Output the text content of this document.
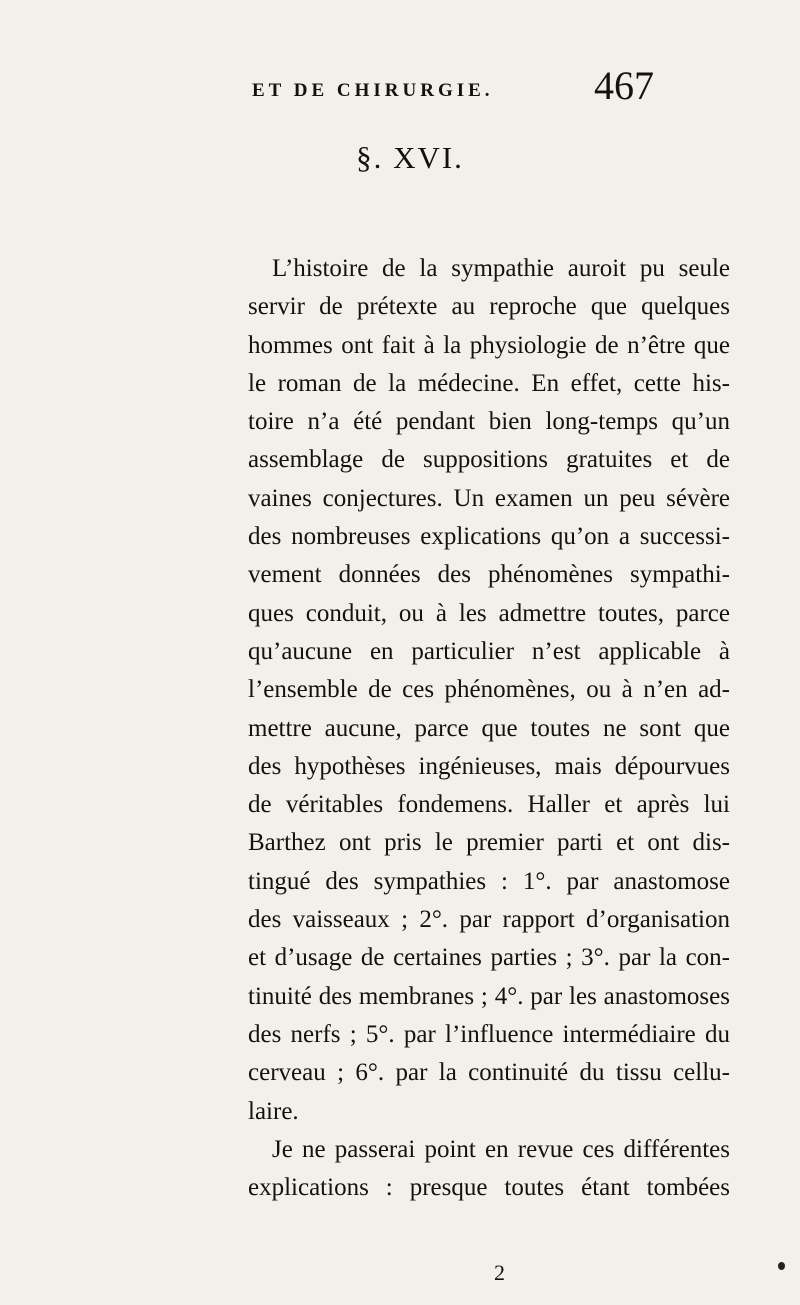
ET DE CHIRURGIE.	467
§. XVI.
L’histoire de la sympathie auroit pu seule
servir de prétexte au reproche que quelques
hommes ont fait à la physiologie de n’être que
le roman de la médecine. En effet, cette his-
toire n’a été pendant bien long-temps qu’un
assemblage de suppositions gratuites et de
vaines conjectures. Un examen un peu sévère
des nombreuses explications qu’on a successi-
vement données des phénomènes sympathi-
ques conduit, ou à les admettre toutes, parce
qu’aucune en particulier n’est applicable à
l’ensemble de ces phénomènes, ou à n’en ad-
mettre aucune, parce que toutes ne sont que
des hypothèses ingénieuses, mais dépourvues
de véritables fondemens. Haller et après lui
Barthez ont pris le premier parti et ont dis-
tingué des sympathies : 1°. par anastomose
des vaisseaux ; 2°. par rapport d’organisation
et d’usage de certaines parties ; 3°. par la con-
tinuité des membranes ; 4°. par les anastomoses
des nerfs ; 5°. par l’influence intermédiaire du
cerveau ; 6°. par la continuité du tissu cellu-
laire.
Je ne passerai point en revue ces différentes
explications : presque toutes étant tombées
2
